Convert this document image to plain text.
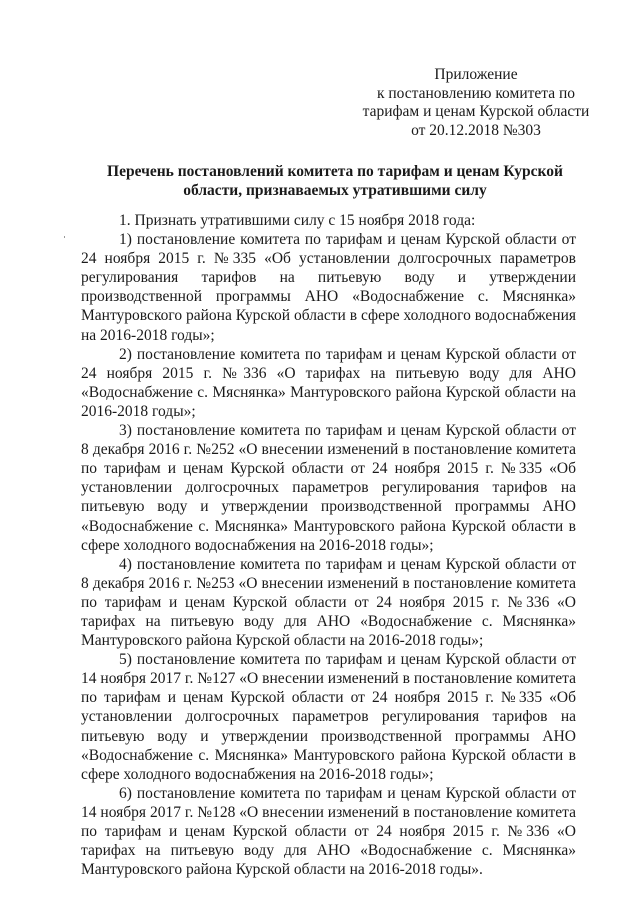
Приложение
к постановлению комитета по
тарифам и ценам Курской области
от 20.12.2018 №303
Перечень постановлений комитета по тарифам и ценам Курской области, признаваемых утратившими силу

1. Признать утратившими силу с 15 ноября 2018 года:

1) постановление комитета по тарифам и ценам Курской области от 24 ноября 2015 г. №335 «Об установлении долгосрочных параметров регулирования тарифов на питьевую воду и утверждении производственной программы АНО «Водоснабжение с. Мяснянка» Мантуровского района Курской области в сфере холодного водоснабжения на 2016-2018 годы»;

2) постановление комитета по тарифам и ценам Курской области от 24 ноября 2015 г. №336 «О тарифах на питьевую воду для АНО «Водоснабжение с. Мяснянка» Мантуровского района Курской области на 2016-2018 годы»;

3) постановление комитета по тарифам и ценам Курской области от 8 декабря 2016 г. №252 «О внесении изменений в постановление комитета по тарифам и ценам Курской области от 24 ноября 2015 г. №335 «Об установлении долгосрочных параметров регулирования тарифов на питьевую воду и утверждении производственной программы АНО «Водоснабжение с. Мяснянка» Мантуровского района Курской области в сфере холодного водоснабжения на 2016-2018 годы»;

4) постановление комитета по тарифам и ценам Курской области от 8 декабря 2016 г. №253 «О внесении изменений в постановление комитета по тарифам и ценам Курской области от 24 ноября 2015 г. №336 «О тарифах на питьевую воду для АНО «Водоснабжение с. Мяснянка» Мантуровского района Курской области на 2016-2018 годы»;

5) постановление комитета по тарифам и ценам Курской области от 14 ноября 2017 г. №127 «О внесении изменений в постановление комитета по тарифам и ценам Курской области от 24 ноября 2015 г. №335 «Об установлении долгосрочных параметров регулирования тарифов на питьевую воду и утверждении производственной программы АНО «Водоснабжение с. Мяснянка» Мантуровского района Курской области в сфере холодного водоснабжения на 2016-2018 годы»;

6) постановление комитета по тарифам и ценам Курской области от 14 ноября 2017 г. №128 «О внесении изменений в постановление комитета по тарифам и ценам Курской области от 24 ноября 2015 г. №336 «О тарифах на питьевую воду для АНО «Водоснабжение с. Мяснянка» Мантуровского района Курской области на 2016-2018 годы».
